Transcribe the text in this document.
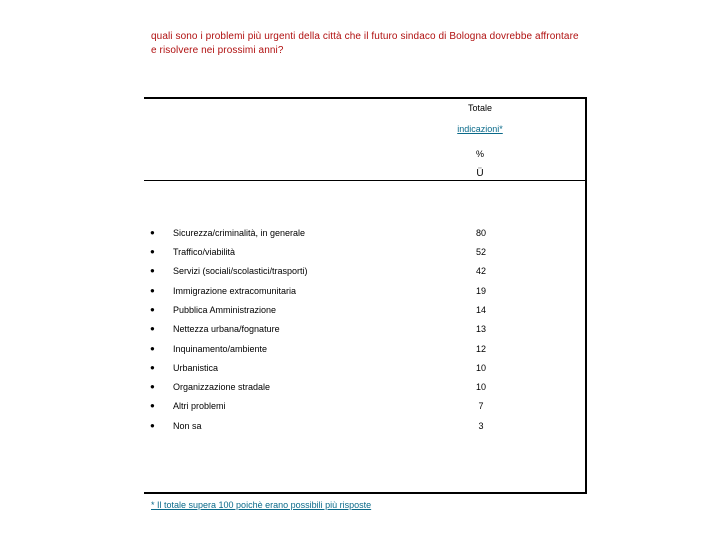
quali sono i problemi più urgenti della città che il futuro sindaco di Bologna dovrebbe affrontare e risolvere nei prossimi anni?
Totale
indicazioni*
%
Ü
● Sicurezza/criminalità, in generale	80
● Traffico/viabilità	52
● Servizi (sociali/scolastici/trasporti)	42
● Immigrazione extracomunitaria	19
● Pubblica Amministrazione	14
● Nettezza urbana/fognature	13
● Inquinamento/ambiente	12
● Urbanistica	10
● Organizzazione stradale	10
● Altri problemi	7
● Non sa	3
* Il totale supera 100 poichè erano possibili più risposte
